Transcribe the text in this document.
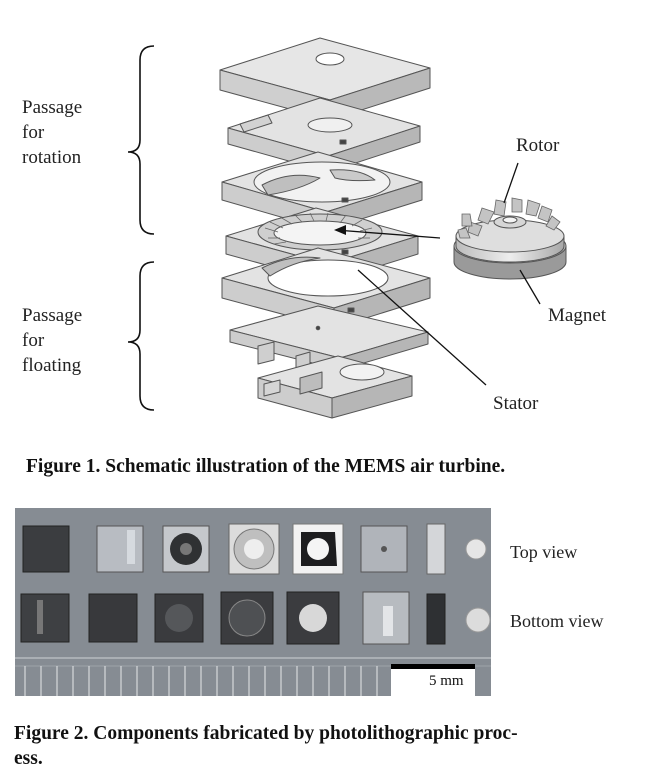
Passage
for
rotation
Passage
for
floating
Rotor
Magnet
Stator
Figure 1. Schematic illustration of the MEMS air turbine.
5 mm
Top view
Bottom view
Figure 2. Components fabricated by photolithographic proc-
ess.
